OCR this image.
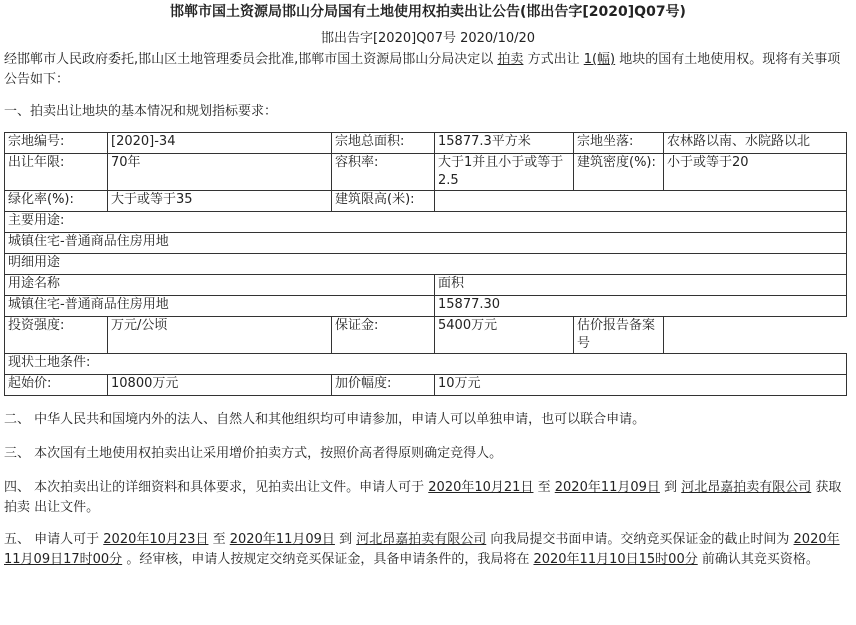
邯郸市国土资源局邯山分局国有土地使用权拍卖出让公告(邯出告字[2020]Q07号)
邯出告字[2020]Q07号 2020/10/20

经邯郸市人民政府委托,邯山区土地管理委员会批准,邯郸市国土资源局邯山分局决定以 拍卖 方式出让 1(幅) 地块的国有土地使用权。现将有关事项公告如下：

一、拍卖出让地块的基本情况和规划指标要求：
宗地编号:	[2020]-34	宗地总面积:	15877.3平方米	宗地坐落:	农林路以南、水院路以北
出让年限:	70年	容积率:	大于1并且小于或等于2.5	建筑密度(%):	小于或等于20
绿化率(%):	大于或等于35	建筑限高(米):			
主要用途:					
城镇住宅-普通商品住房用地					
明细用途					
用途名称			面积		
城镇住宅-普通商品住房用地			15877.30		
投资强度:	万元/公顷	保证金:	5400万元	估价报告备案号	
现状土地条件:					
起始价:	10800万元	加价幅度:	10万元		

二、 中华人民共和国境内外的法人、自然人和其他组织均可申请参加，申请人可以单独申请，也可以联合申请。

三、 本次国有土地使用权拍卖出让采用增价拍卖方式，按照价高者得原则确定竞得人。

四、 本次拍卖出让的详细资料和具体要求，见拍卖出让文件。申请人可于 2020年10月21日 至 2020年11月09日 到 河北昂嘉拍卖有限公司 获取 拍卖 出让文件。

五、 申请人可于 2020年10月23日 至 2020年11月09日 到 河北昂嘉拍卖有限公司 向我局提交书面申请。交纳竞买保证金的截止时间为 2020年11月09日17时00分 。经审核，申请人按规定交纳竞买保证金，具备申请条件的，我局将在 2020年11月10日15时00分 前确认其竞买资格。
